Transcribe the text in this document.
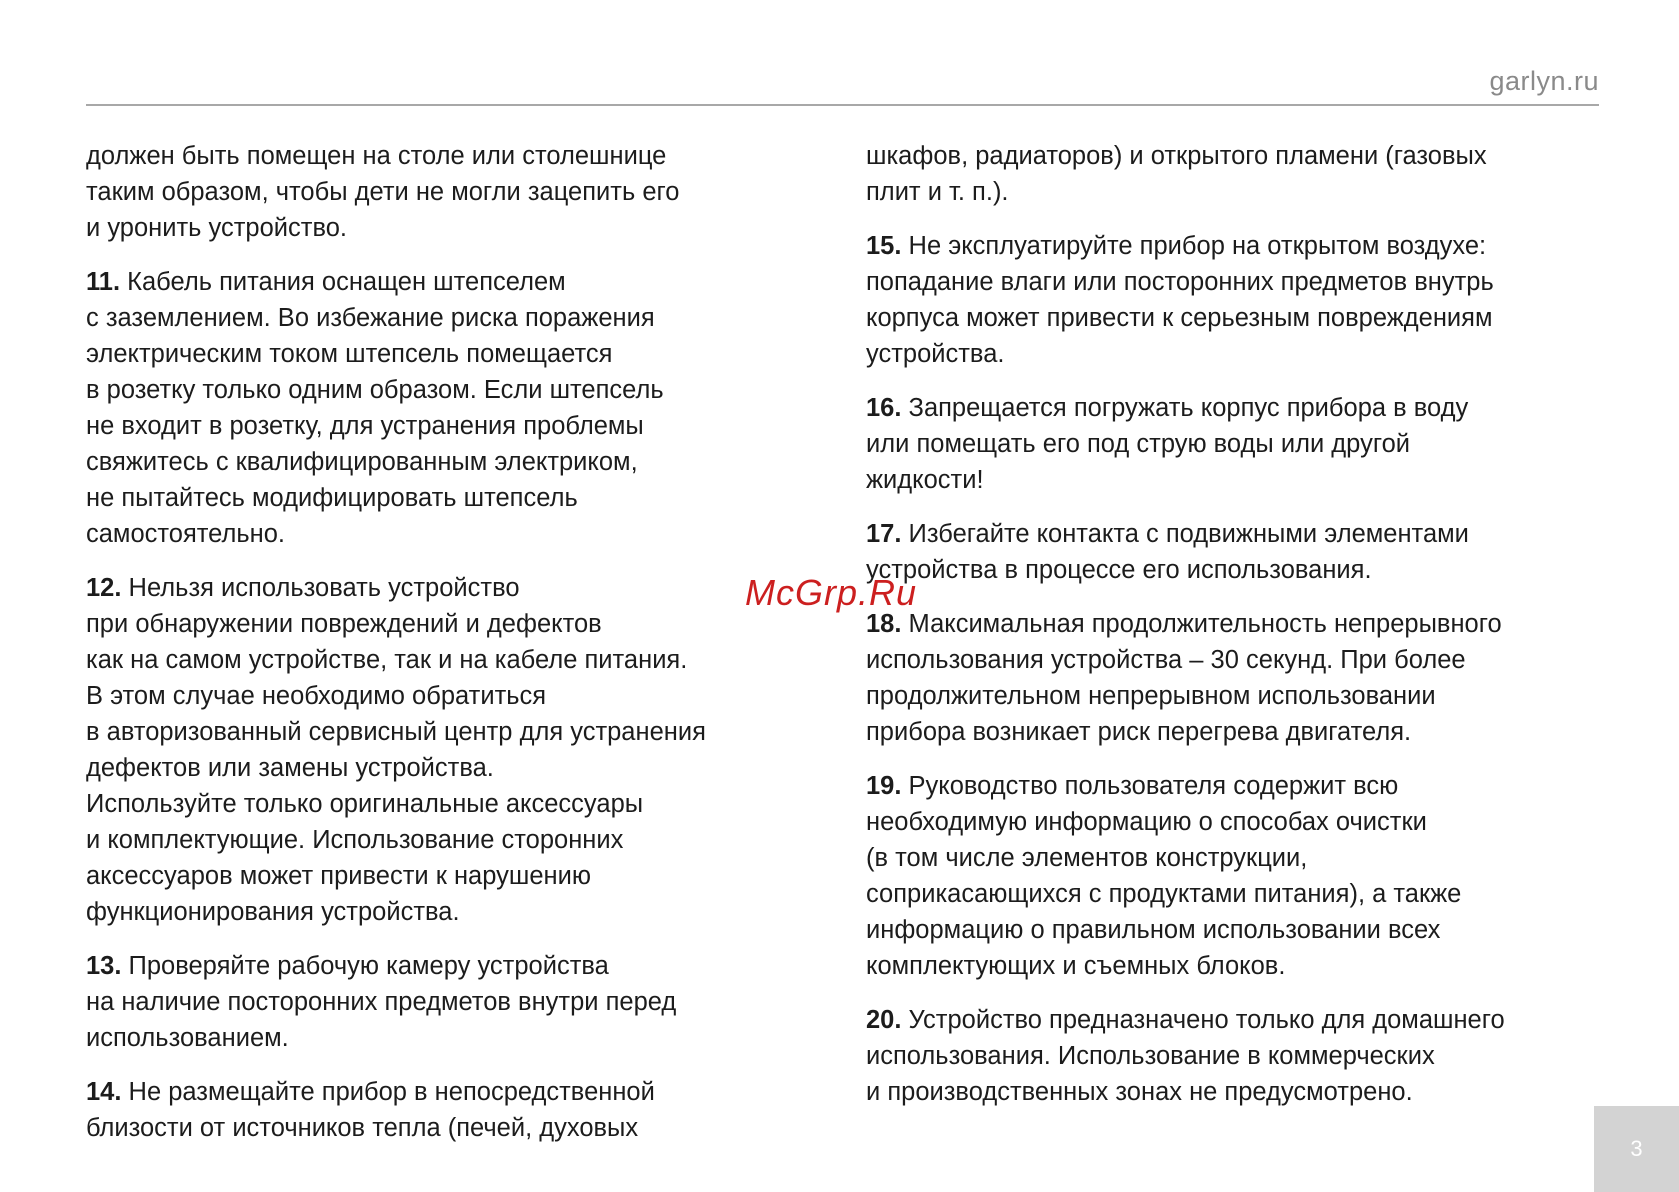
garlyn.ru

должен быть помещен на столе или столешнице
таким образом, чтобы дети не могли зацепить его
и уронить устройство.

11. Кабель питания оснащен штепселем
с заземлением. Во избежание риска поражения
электрическим током штепсель помещается
в розетку только одним образом. Если штепсель
не входит в розетку, для устранения проблемы
свяжитесь с квалифицированным электриком,
не пытайтесь модифицировать штепсель
самостоятельно.

12. Нельзя использовать устройство
при обнаружении повреждений и дефектов
как на самом устройстве, так и на кабеле питания.
В этом случае необходимо обратиться
в авторизованный сервисный центр для устранения
дефектов или замены устройства.
Используйте только оригинальные аксессуары
и комплектующие. Использование сторонних
аксессуаров может привести к нарушению
функционирования устройства.

13. Проверяйте рабочую камеру устройства
на наличие посторонних предметов внутри перед
использованием.

14. Не размещайте прибор в непосредственной
близости от источников тепла (печей, духовых

шкафов, радиаторов) и открытого пламени (газовых
плит и т. п.).

15. Не эксплуатируйте прибор на открытом воздухе:
попадание влаги или посторонних предметов внутрь
корпуса может привести к серьезным повреждениям
устройства.

16. Запрещается погружать корпус прибора в воду
или помещать его под струю воды или другой
жидкости!

17. Избегайте контакта с подвижными элементами
устройства в процессе его использования.

18. Максимальная продолжительность непрерывного
использования устройства – 30 секунд. При более
продолжительном непрерывном использовании
прибора возникает риск перегрева двигателя.

19. Руководство пользователя содержит всю
необходимую информацию о способах очистки
(в том числе элементов конструкции,
соприкасающихся с продуктами питания), а также
информацию о правильном использовании всех
комплектующих и съемных блоков.

20. Устройство предназначено только для домашнего
использования. Использование в коммерческих
и производственных зонах не предусмотрено.

McGrp.Ru
3
